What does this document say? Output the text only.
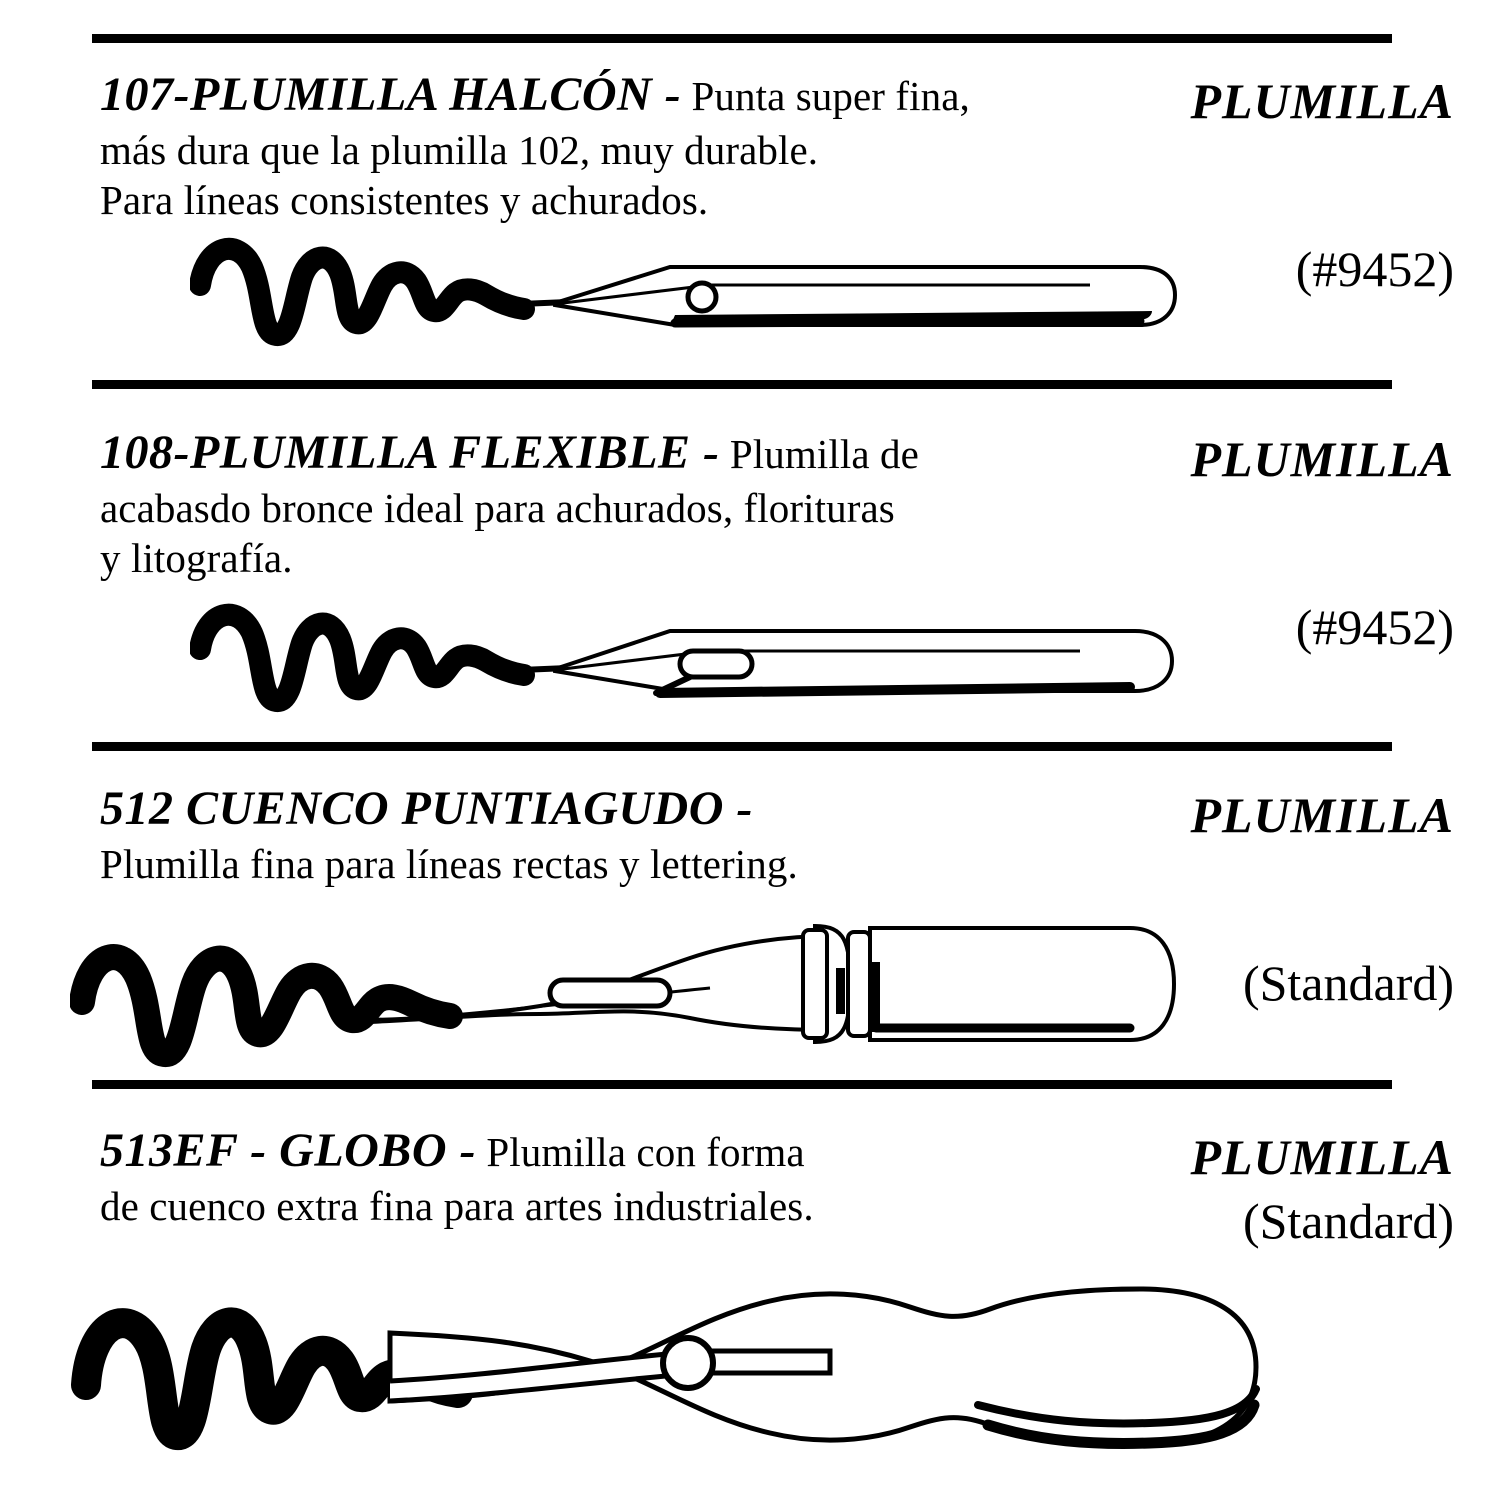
107-PLUMILLA HALCÓN - Punta super fina,
más dura que la plumilla 102, muy durable.
Para líneas consistentes y achurados.
PLUMILLA
(#9452)
108-PLUMILLA FLEXIBLE - Plumilla de
acabasdo bronce ideal para achurados, florituras
y litografía.
PLUMILLA
(#9452)
512 CUENCO PUNTIAGUDO -
Plumilla fina para líneas rectas y lettering.
PLUMILLA
(Standard)
513EF - GLOBO - Plumilla con forma
de cuenco extra fina para artes industriales.
PLUMILLA
(Standard)
